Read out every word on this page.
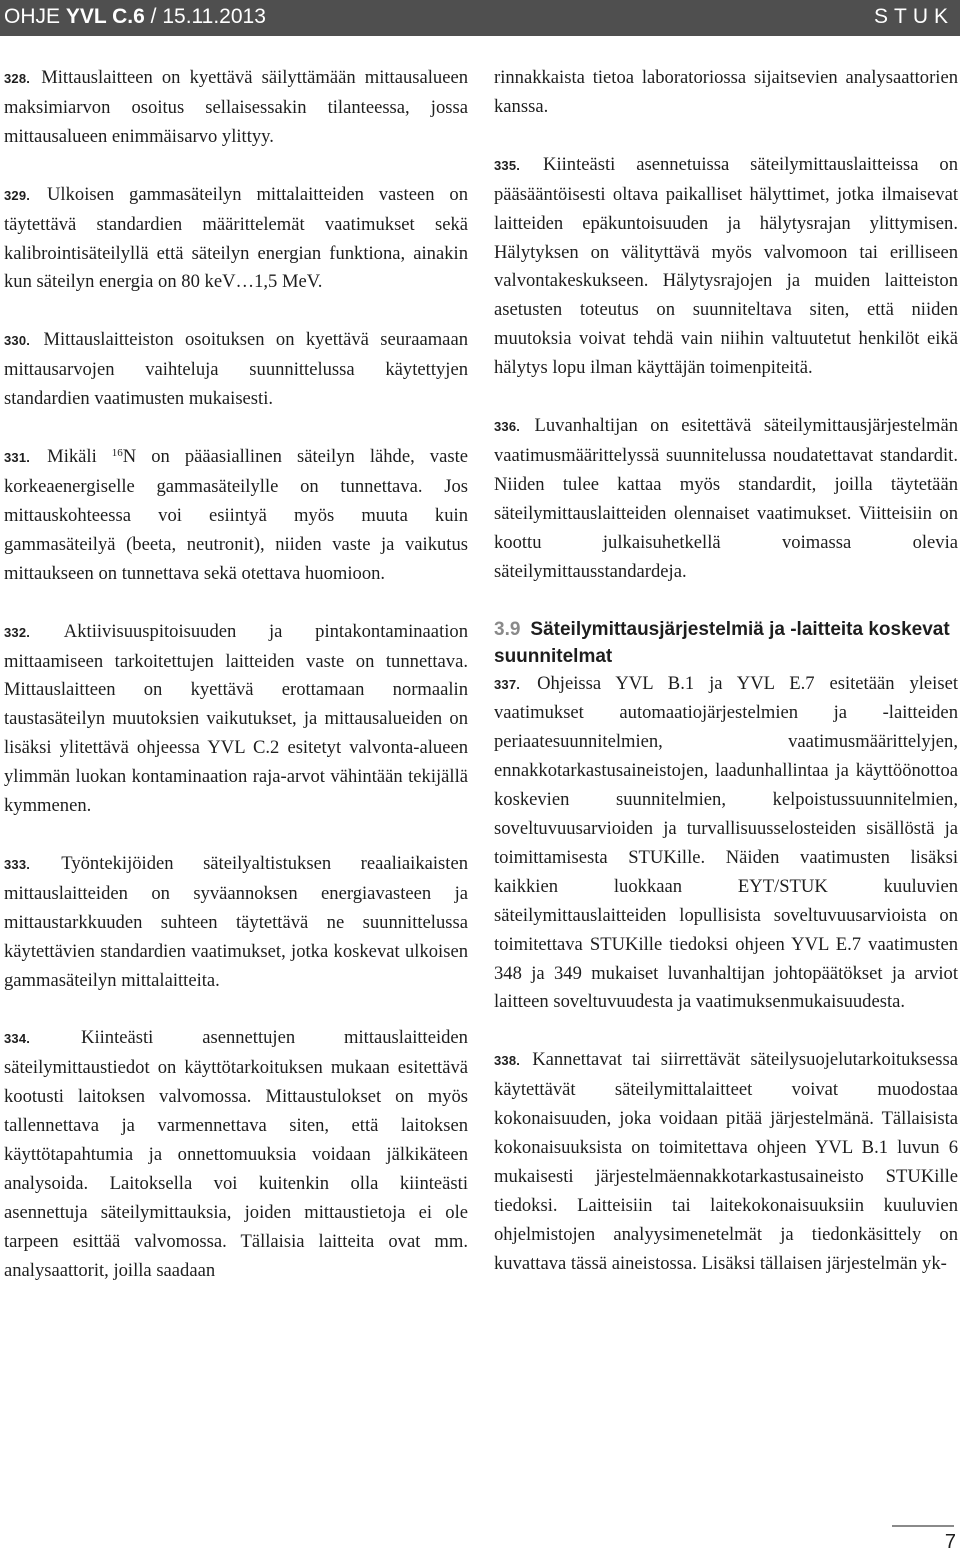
OHJE YVL C.6 / 15.11.2013	STUK

328. Mittauslaitteen on kyettävä säilyttämään mittausalueen maksimiarvon osoitus sellaisessakin tilanteessa, jossa mittausalueen enimmäisarvo ylittyy.

329. Ulkoisen gammasäteilyn mittalaitteiden vasteen on täytettävä standardien määrittelemät vaatimukset sekä kalibrointisäteilyllä että säteilyn energian funktiona, ainakin kun säteilyn energia on 80 keV…1,5 MeV.

330. Mittauslaitteiston osoituksen on kyettävä seuraamaan mittausarvojen vaihteluja suunnittelussa käytettyjen standardien vaatimusten mukaisesti.

331. Mikäli $^{16}$N on pääasiallinen säteilyn lähde, vaste korkeaenergiselle gammasäteilylle on tunnettava. Jos mittauskohteessa voi esiintyä myös muuta kuin gammasäteilyä (beeta, neutronit), niiden vaste ja vaikutus mittaukseen on tunnettava sekä otettava huomioon.

332. Aktiivisuuspitoisuuden ja pintakontaminaation mittaamiseen tarkoitettujen laitteiden vaste on tunnettava. Mittauslaitteen on kyettävä erottamaan normaalin taustasäteilyn muutoksien vaikutukset, ja mittausalueiden on lisäksi ylitettävä ohjeessa YVL C.2 esitetyt valvonta-alueen ylimmän luokan kontaminaation raja-arvot vähintään tekijällä kymmenen.

333. Työntekijöiden säteilyaltistuksen reaaliaikaisten mittauslaitteiden on syväannoksen energiavasteen ja mittaustarkkuuden suhteen täytettävä ne suunnittelussa käytettävien standardien vaatimukset, jotka koskevat ulkoisen gammasäteilyn mittalaitteita.

334.	Kiinteästi asennettujen mittauslaitteiden säteilymittaustiedot on käyttötarkoituksen mukaan esitettävä kootusti laitoksen valvomossa. Mittaustulokset on myös tallennettava ja varmennettava siten, että laitoksen käyttötapahtumia ja onnettomuuksia voidaan jälkikäteen analysoida. Laitoksella voi kuitenkin olla kiinteästi asennettuja säteilymittauksia, joiden mittaustietoja ei ole tarpeen esittää valvomossa. Tällaisia laitteita ovat mm. analysaattorit, joilla saadaan

rinnakkaista tietoa laboratoriossa sijaitsevien analysaattorien kanssa.

335. Kiinteästi asennetuissa säteilymittauslaitteissa on pääsääntöisesti oltava paikalliset hälyttimet, jotka ilmaisevat laitteiden epäkuntoisuuden ja hälytysrajan ylittymisen. Hälytyksen on välityttävä myös valvomoon tai erilliseen valvontakeskukseen. Hälytysrajojen ja muiden laitteiston asetusten toteutus on suunniteltava siten, että niiden muutoksia voivat tehdä vain niihin valtuutetut henkilöt eikä hälytys lopu ilman käyttäjän toimenpiteitä.

336. Luvanhaltijan on esitettävä säteilymittausjärjestelmän vaatimusmäärittelyssä suunnitelussa noudatettavat standardit. Niiden tulee kattaa myös standardit, joilla täytetään säteilymittauslaitteiden olennaiset vaatimukset. Viitteisiin on koottu julkaisuhetkellä voimassa olevia säteilymittausstandardeja.

3.9 Säteilymittausjärjestelmiä ja -laitteita koskevat suunnitelmat

337. Ohjeissa YVL B.1 ja YVL E.7 esitetään yleiset vaatimukset automaatiojärjestelmien ja -laitteiden periaatesuunnitelmien, vaatimusmäärittelyjen, ennakkotarkastusaineistojen, laadunhallintaa ja käyttöönottoa koskevien suunnitelmien, kelpoistussuunnitelmien, soveltuvuusarvioiden ja turvallisuusselosteiden sisällöstä ja toimittamisesta STUKille. Näiden vaatimusten lisäksi kaikkien luokkaan EYT/STUK kuuluvien säteilymittauslaitteiden lopullisista soveltuvuusarvioista on toimitettava STUKille tiedoksi ohjeen YVL E.7 vaatimusten 348 ja 349 mukaiset luvanhaltijan johtopäätökset ja arviot laitteen soveltuvuudesta ja vaatimuksenmukaisuudesta.

338. Kannettavat tai siirrettävät säteilysuojelutarkoituksessa käytettävät säteilymittalaitteet voivat muodostaa kokonaisuuden, joka voidaan pitää järjestelmänä. Tällaisista kokonaisuuksista on toimitettava ohjeen YVL B.1 luvun 6 mukaisesti järjestelmäennakkotarkastusaineisto STUKille tiedoksi. Laitteisiin tai laitekokonaisuuksiin kuuluvien ohjelmistojen analyysimenetelmät ja tiedonkäsittely on kuvattava tässä aineistossa. Lisäksi tällaisen järjestelmän yk-

7
